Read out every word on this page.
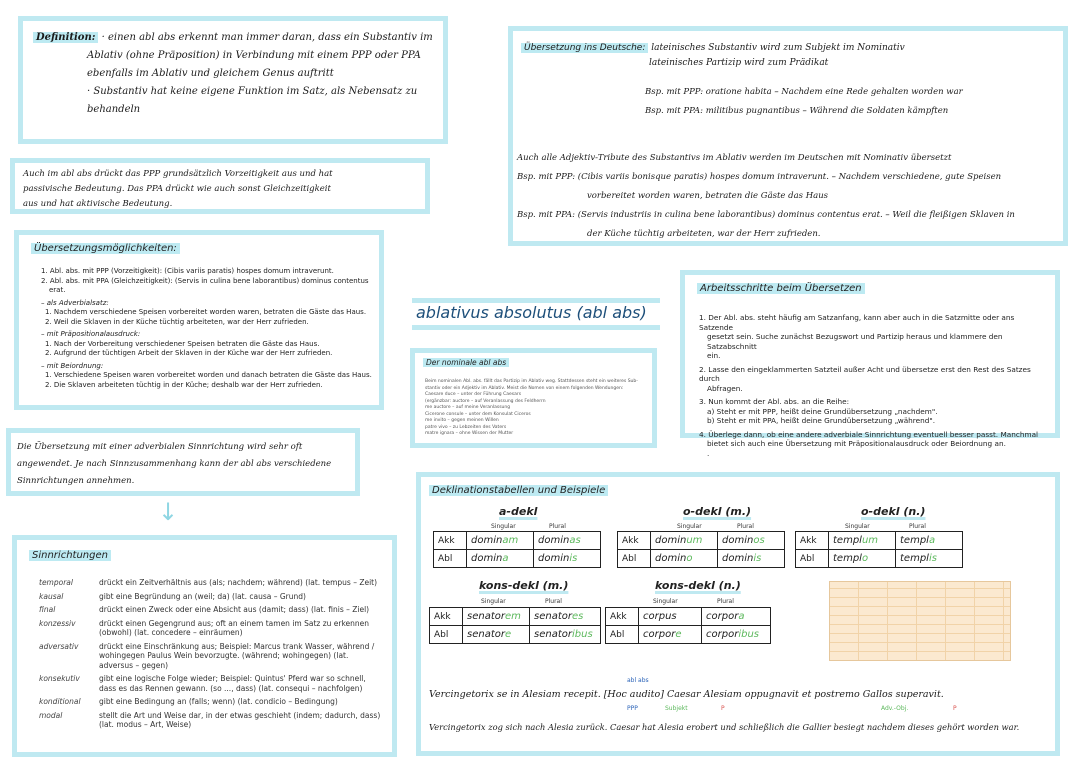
Definition: · einen abl abs erkennt man immer daran, dass ein Substantiv im
Ablativ (ohne Präposition) in Verbindung mit einem PPP oder PPA
ebenfalls im Ablativ und gleichem Genus auftritt
· Substantiv hat keine eigene Funktion im Satz, als Nebensatz zu
behandeln
Auch im abl abs drückt das PPP grundsätzlich Vorzeitigkeit aus und hat
passivische Bedeutung. Das PPA drückt wie auch sonst Gleichzeitigkeit
aus und hat aktivische Bedeutung.
Übersetzungsmöglichkeiten:
1. Abl. abs. mit PPP (Vorzeitigkeit): (Cibis variis paratis) hospes domum intraverunt.
2. Abl. abs. mit PPA (Gleichzeitigkeit): (Servis in culina bene laborantibus) dominus contentus
erat.
– als Adverbialsatz:
1. Nachdem verschiedene Speisen vorbereitet worden waren, betraten die Gäste das Haus.
2. Weil die Sklaven in der Küche tüchtig arbeiteten, war der Herr zufrieden.
– mit Präpositionalausdruck:
1. Nach der Vorbereitung verschiedener Speisen betraten die Gäste das Haus.
2. Aufgrund der tüchtigen Arbeit der Sklaven in der Küche war der Herr zufrieden.
– mit Beiordnung:
1. Verschiedene Speisen waren vorbereitet worden und danach betraten die Gäste das Haus.
2. Die Sklaven arbeiteten tüchtig in der Küche; deshalb war der Herr zufrieden.
Die Übersetzung mit einer adverbialen Sinnrichtung wird sehr oft
angewendet. Je nach Sinnzusammenhang kann der abl abs verschiedene
Sinnrichtungen annehmen.
↓
Sinnrichtungen
temporal	drückt ein Zeitverhältnis aus (als; nachdem; während) (lat. tempus – Zeit)
kausal	gibt eine Begründung an (weil; da) (lat. causa – Grund)
final	drückt einen Zweck oder eine Absicht aus (damit; dass) (lat. finis – Ziel)
konzessiv	drückt einen Gegengrund aus; oft an einem tamen im Satz zu erkennen (obwohl) (lat. concedere – einräumen)
adversativ	drückt eine Einschränkung aus; Beispiel: Marcus trank Wasser, während / wohingegen Paulus Wein bevorzugte. (während; wohingegen) (lat. adversus – gegen)
konsekutiv	gibt eine logische Folge wieder; Beispiel: Quintus' Pferd war so schnell, dass es das Rennen gewann. (so ..., dass) (lat. consequi – nachfolgen)
konditional	gibt eine Bedingung an (falls; wenn) (lat. condicio – Bedingung)
modal	stellt die Art und Weise dar, in der etwas geschieht (indem; dadurch, dass) (lat. modus – Art, Weise)
ablativus absolutus (abl abs)
Der nominale abl abs
Beim nominalen Abl. abs. fällt das Partizip im Ablativ weg. Stattdessen steht ein weiteres Sub-
stantiv oder ein Adjektiv im Ablativ. Meist die Nomen von einem folgenden Wendungen:
Caesare duce – unter der Führung Caesars
(ergänzbar: auctore – auf Veranlassung des Feldherrn
me auctore – auf meine Veranlassung
Cicerone consule – unter dem Konsulat Ciceros
me invito – gegen meinen Willen
patre vivo – zu Lebzeiten des Vaters
matre ignara – ohne Wissen der Mutter
Übersetzung ins Deutsche: lateinisches Substantiv wird zum Subjekt im Nominativ
lateinisches Partizip wird zum Prädikat
Bsp. mit PPP: oratione habita – Nachdem eine Rede gehalten worden war
Bsp. mit PPA: militibus pugnantibus – Während die Soldaten kämpften
Auch alle Adjektiv-Tribute des Substantivs im Ablativ werden im Deutschen mit Nominativ übersetzt
Bsp. mit PPP: (Cibis variis bonisque paratis) hospes domum intraverunt. – Nachdem verschiedene, gute Speisen
vorbereitet worden waren, betraten die Gäste das Haus
Bsp. mit PPA: (Servis industriis in culina bene laborantibus) dominus contentus erat. – Weil die fleißigen Sklaven in
der Küche tüchtig arbeiteten, war der Herr zufrieden.
Arbeitsschritte beim Übersetzen
1. Der Abl. abs. steht häufig am Satzanfang, kann aber auch in die Satzmitte oder ans Satzende
gesetzt sein. Suche zunächst Bezugswort und Partizip heraus und klammere den Satzabschnitt
ein.
2. Lasse den eingeklammerten Satzteil außer Acht und übersetze erst den Rest des Satzes durch
Abfragen.
3. Nun kommt der Abl. abs. an die Reihe:
a) Steht er mit PPP, heißt deine Grundübersetzung „nachdem".
b) Steht er mit PPA, heißt deine Grundübersetzung „während".
4. Überlege dann, ob eine andere adverbiale Sinnrichtung eventuell besser passt. Manchmal
bietet sich auch eine Übersetzung mit Präpositionalausdruck oder Beiordnung an.
.
Deklinationstabellen und Beispiele
a-dekl
Singular	Plural
Akk	dominam	dominas
Abl	domina	dominis
o-dekl (m.)
Singular	Plural
Akk	dominum	dominos
Abl	domino	dominis
o-dekl (n.)
Singular	Plural
Akk	templum	templa
Abl	templo	templis
kons-dekl (m.)
Singular	Plural
Akk	senatorem	senatores
Abl	senatore	senatoribus
kons-dekl (n.)
Singular	Plural
Akk	corpus	corpora
Abl	corpore	corporibus
Vercingetorix se in Alesiam recepit. [Hoc audito] Caesar Alesiam oppugnavit et postremo Gallos superavit.
abl abs
PPP	Subjekt	P	Adv.-Obj.	P
Vercingetorix zog sich nach Alesia zurück. Caesar hat Alesia erobert und schließlich die Gallier besiegt nachdem dieses gehört worden war.
